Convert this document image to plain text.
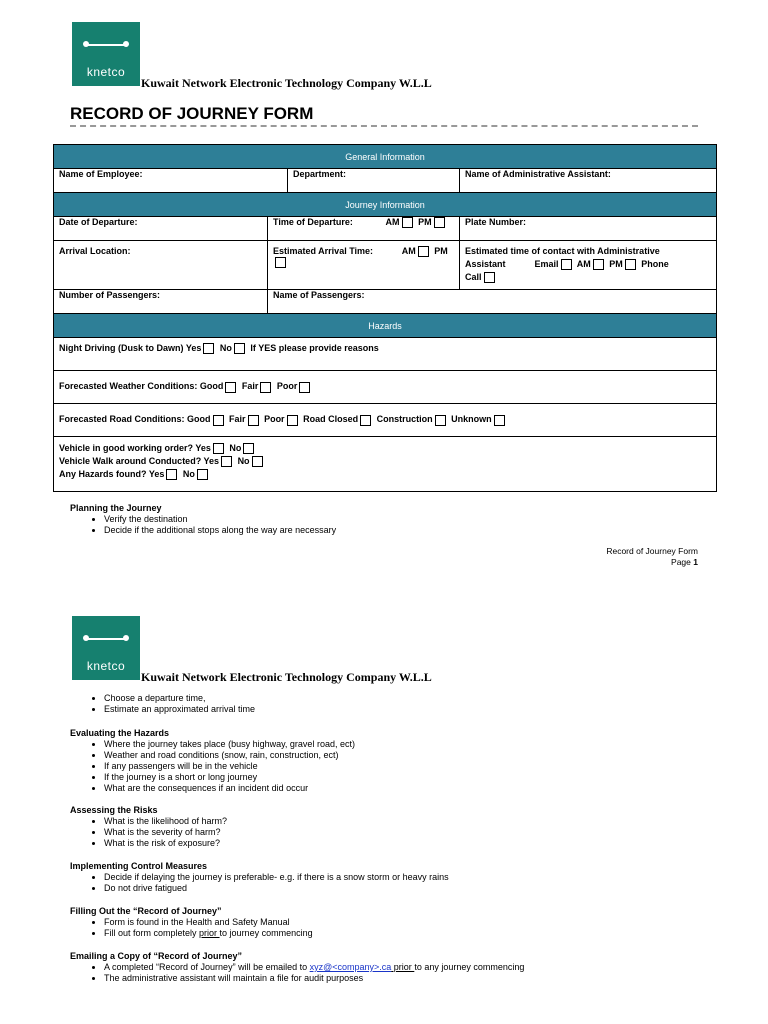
knetco
Kuwait Network Electronic Technology Company W.L.L
RECORD OF JOURNEY FORM
General Information			
Name of Employee:		Department:	Name of Administrative Assistant:
Journey Information			
Date of Departure:	Time of Departure: AM PM		Plate Number:
Arrival Location:	Estimated Arrival Time: AM PM		Estimated time of contact with Administrative
Assistant Email AM PM Phone
Call
Number of Passengers:	Name of Passengers:		
Hazards			
Night Driving (Dusk to Dawn) Yes No If YES please provide reasons			
Forecasted Weather Conditions: Good Fair Poor			
Forecasted Road Conditions: Good Fair Poor Road Closed Construction Unknown			
Vehicle in good working order? Yes No
Vehicle Walk around Conducted? Yes No
Any Hazards found? Yes No			
Planning the Journey
• Verify the destination
• Decide if the additional stops along the way are necessary
Record of Journey Form
Page 1
knetco
Kuwait Network Electronic Technology Company W.L.L
• Choose a departure time,
• Estimate an approximated arrival time
Evaluating the Hazards
• Where the journey takes place (busy highway, gravel road, ect)
• Weather and road conditions (snow, rain, construction, ect)
• If any passengers will be in the vehicle
• If the journey is a short or long journey
• What are the consequences if an incident did occur
Assessing the Risks
• What is the likelihood of harm?
• What is the severity of harm?
• What is the risk of exposure?
Implementing Control Measures
• Decide if delaying the journey is preferable- e.g. if there is a snow storm or heavy rains
• Do not drive fatigued
Filling Out the “Record of Journey”
• Form is found in the Health and Safety Manual
• Fill out form completely prior to journey commencing
Emailing a Copy of “Record of Journey”
• A completed “Record of Journey” will be emailed to xyz@<company>.ca prior to any journey commencing
• The administrative assistant will maintain a file for audit purposes
